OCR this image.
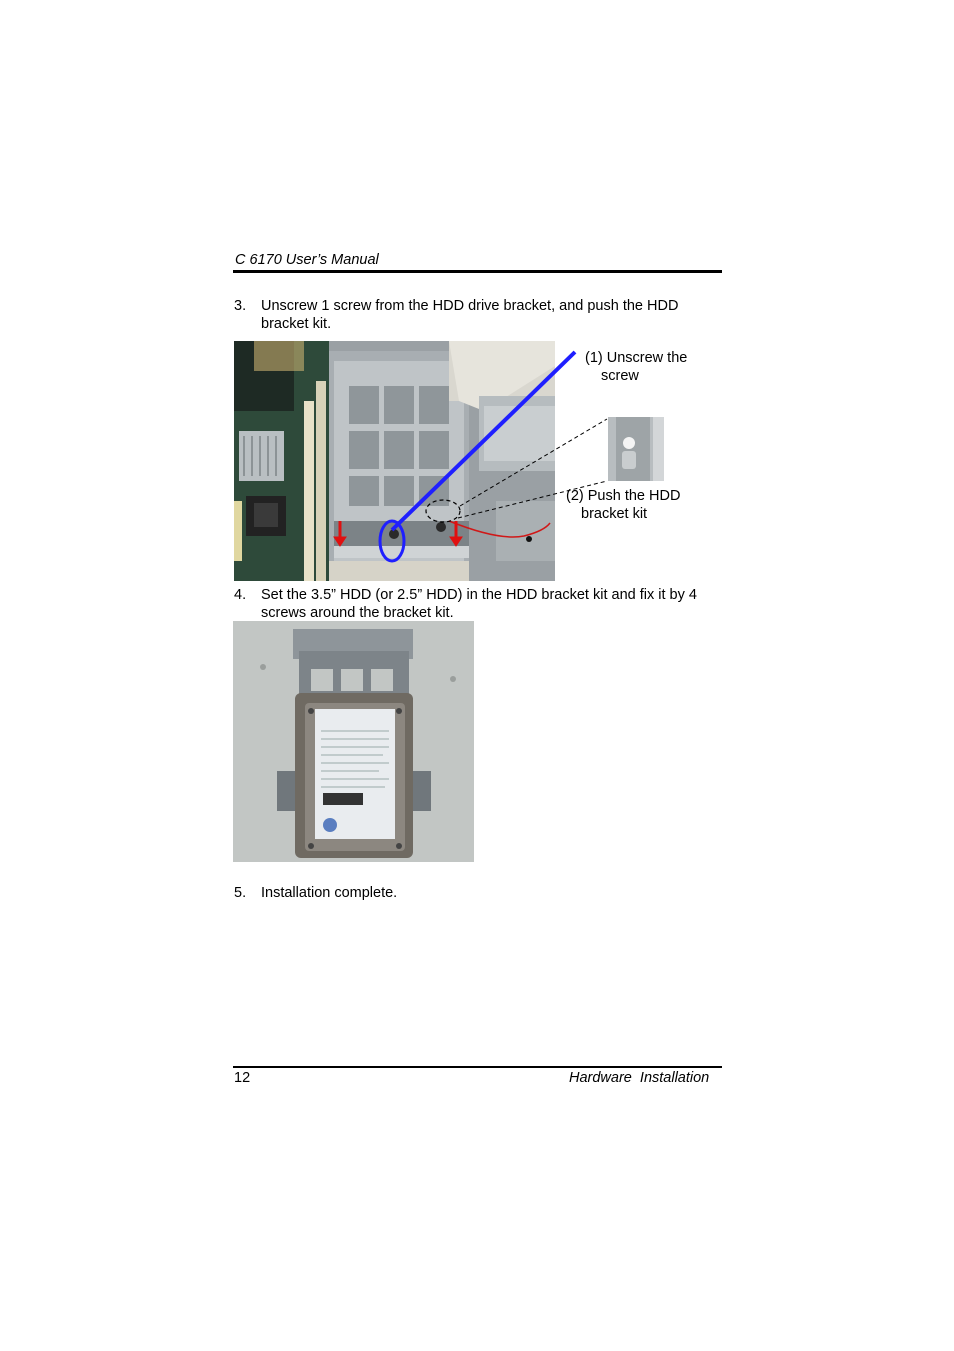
C 6170 User’s Manual
3. Unscrew 1 screw from the HDD drive bracket, and push the HDD bracket kit.
(1) Unscrew the
screw
(2) Push the HDD
bracket kit
4. Set the 3.5” HDD (or 2.5” HDD) in the HDD bracket kit and fix it by 4 screws around the bracket kit.
5. Installation complete.
12	Hardware  Installation
